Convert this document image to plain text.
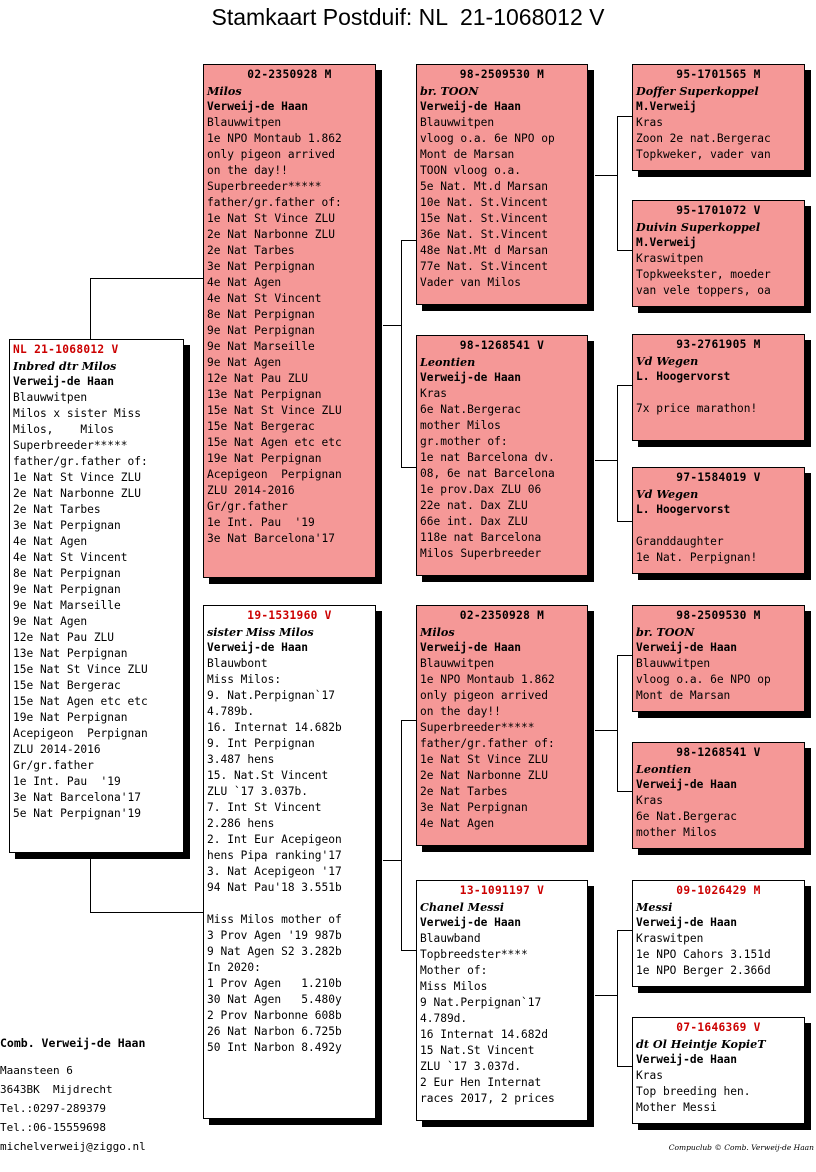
Stamkaart Postduif: NL  21-1068012 V
NL 21-1068012 V
Inbred dtr Milos
Verweij-de Haan
Blauwwitpen
Milos x sister Miss
Milos,    Milos
Superbreeder*****
father/gr.father of:
1e Nat St Vince ZLU
2e Nat Narbonne ZLU
2e Nat Tarbes
3e Nat Perpignan
4e Nat Agen
4e Nat St Vincent
8e Nat Perpignan
9e Nat Perpignan
9e Nat Marseille
9e Nat Agen
12e Nat Pau ZLU
13e Nat Perpignan
15e Nat St Vince ZLU
15e Nat Bergerac
15e Nat Agen etc etc
19e Nat Perpignan
Acepigeon  Perpignan
ZLU 2014-2016
Gr/gr.father
1e Int. Pau  '19
3e Nat Barcelona'17
5e Nat Perpignan'19
02-2350928 M
Milos
Verweij-de Haan
Blauwwitpen
1e NPO Montaub 1.862
only pigeon arrived
on the day!!
Superbreeder*****
father/gr.father of:
1e Nat St Vince ZLU
2e Nat Narbonne ZLU
2e Nat Tarbes
3e Nat Perpignan
4e Nat Agen
4e Nat St Vincent
8e Nat Perpignan
9e Nat Perpignan
9e Nat Marseille
9e Nat Agen
12e Nat Pau ZLU
13e Nat Perpignan
15e Nat St Vince ZLU
15e Nat Bergerac
15e Nat Agen etc etc
19e Nat Perpignan
Acepigeon  Perpignan
ZLU 2014-2016
Gr/gr.father
1e Int. Pau  '19
3e Nat Barcelona'17
19-1531960 V
sister Miss Milos
Verweij-de Haan
Blauwbont
Miss Milos:
9. Nat.Perpignan`17
4.789b.
16. Internat 14.682b
9. Int Perpignan
3.487 hens
15. Nat.St Vincent
ZLU `17 3.037b.
7. Int St Vincent
2.286 hens
2. Int Eur Acepigeon
hens Pipa ranking'17
3. Nat Acepigeon '17
94 Nat Pau'18 3.551b
Miss Milos mother of
3 Prov Agen '19 987b
9 Nat Agen S2 3.282b
In 2020:
1 Prov Agen   1.210b
30 Nat Agen   5.480y
2 Prov Narbonne 608b
26 Nat Narbon 6.725b
50 Int Narbon 8.492y
98-2509530 M
br. TOON
Verweij-de Haan
Blauwwitpen
vloog o.a. 6e NPO op
Mont de Marsan
TOON vloog o.a.
5e Nat. Mt.d Marsan
10e Nat. St.Vincent
15e Nat. St.Vincent
36e Nat. St.Vincent
48e Nat.Mt d Marsan
77e Nat. St.Vincent
Vader van Milos
98-1268541 V
Leontien
Verweij-de Haan
Kras
6e Nat.Bergerac
mother Milos
gr.mother of:
1e nat Barcelona dv.
08, 6e nat Barcelona
1e prov.Dax ZLU 06
22e nat. Dax ZLU
66e int. Dax ZLU
118e nat Barcelona
Milos Superbreeder
02-2350928 M
Milos
Verweij-de Haan
Blauwwitpen
1e NPO Montaub 1.862
only pigeon arrived
on the day!!
Superbreeder*****
father/gr.father of:
1e Nat St Vince ZLU
2e Nat Narbonne ZLU
2e Nat Tarbes
3e Nat Perpignan
4e Nat Agen
13-1091197 V
Chanel Messi
Verweij-de Haan
Blauwband
Topbreedster****
Mother of:
Miss Milos
9 Nat.Perpignan`17
4.789d.
16 Internat 14.682d
15 Nat.St Vincent
ZLU `17 3.037d.
2 Eur Hen Internat
races 2017, 2 prices
95-1701565 M
Doffer Superkoppel
M.Verweij
Kras
Zoon 2e nat.Bergerac
Topkweker, vader van
95-1701072 V
Duivin Superkoppel
M.Verweij
Kraswitpen
Topkweekster, moeder
van vele toppers, oa
93-2761905 M
Vd Wegen
L. Hoogervorst
7x price marathon!
97-1584019 V
Vd Wegen
L. Hoogervorst
Granddaughter
1e Nat. Perpignan!
98-2509530 M
br. TOON
Verweij-de Haan
Blauwwitpen
vloog o.a. 6e NPO op
Mont de Marsan
98-1268541 V
Leontien
Verweij-de Haan
Kras
6e Nat.Bergerac
mother Milos
09-1026429 M
Messi
Verweij-de Haan
Kraswitpen
1e NPO Cahors 3.151d
1e NPO Berger 2.366d
07-1646369 V
dt Ol Heintje KopieT
Verweij-de Haan
Kras
Top breeding hen.
Mother Messi
Comb. Verweij-de Haan
Maansteen 6
3643BK  Mijdrecht
Tel.:0297-289379
Tel.:06-15559698
michelverweij@ziggo.nl	Compuclub © Comb. Verweij-de Haan
